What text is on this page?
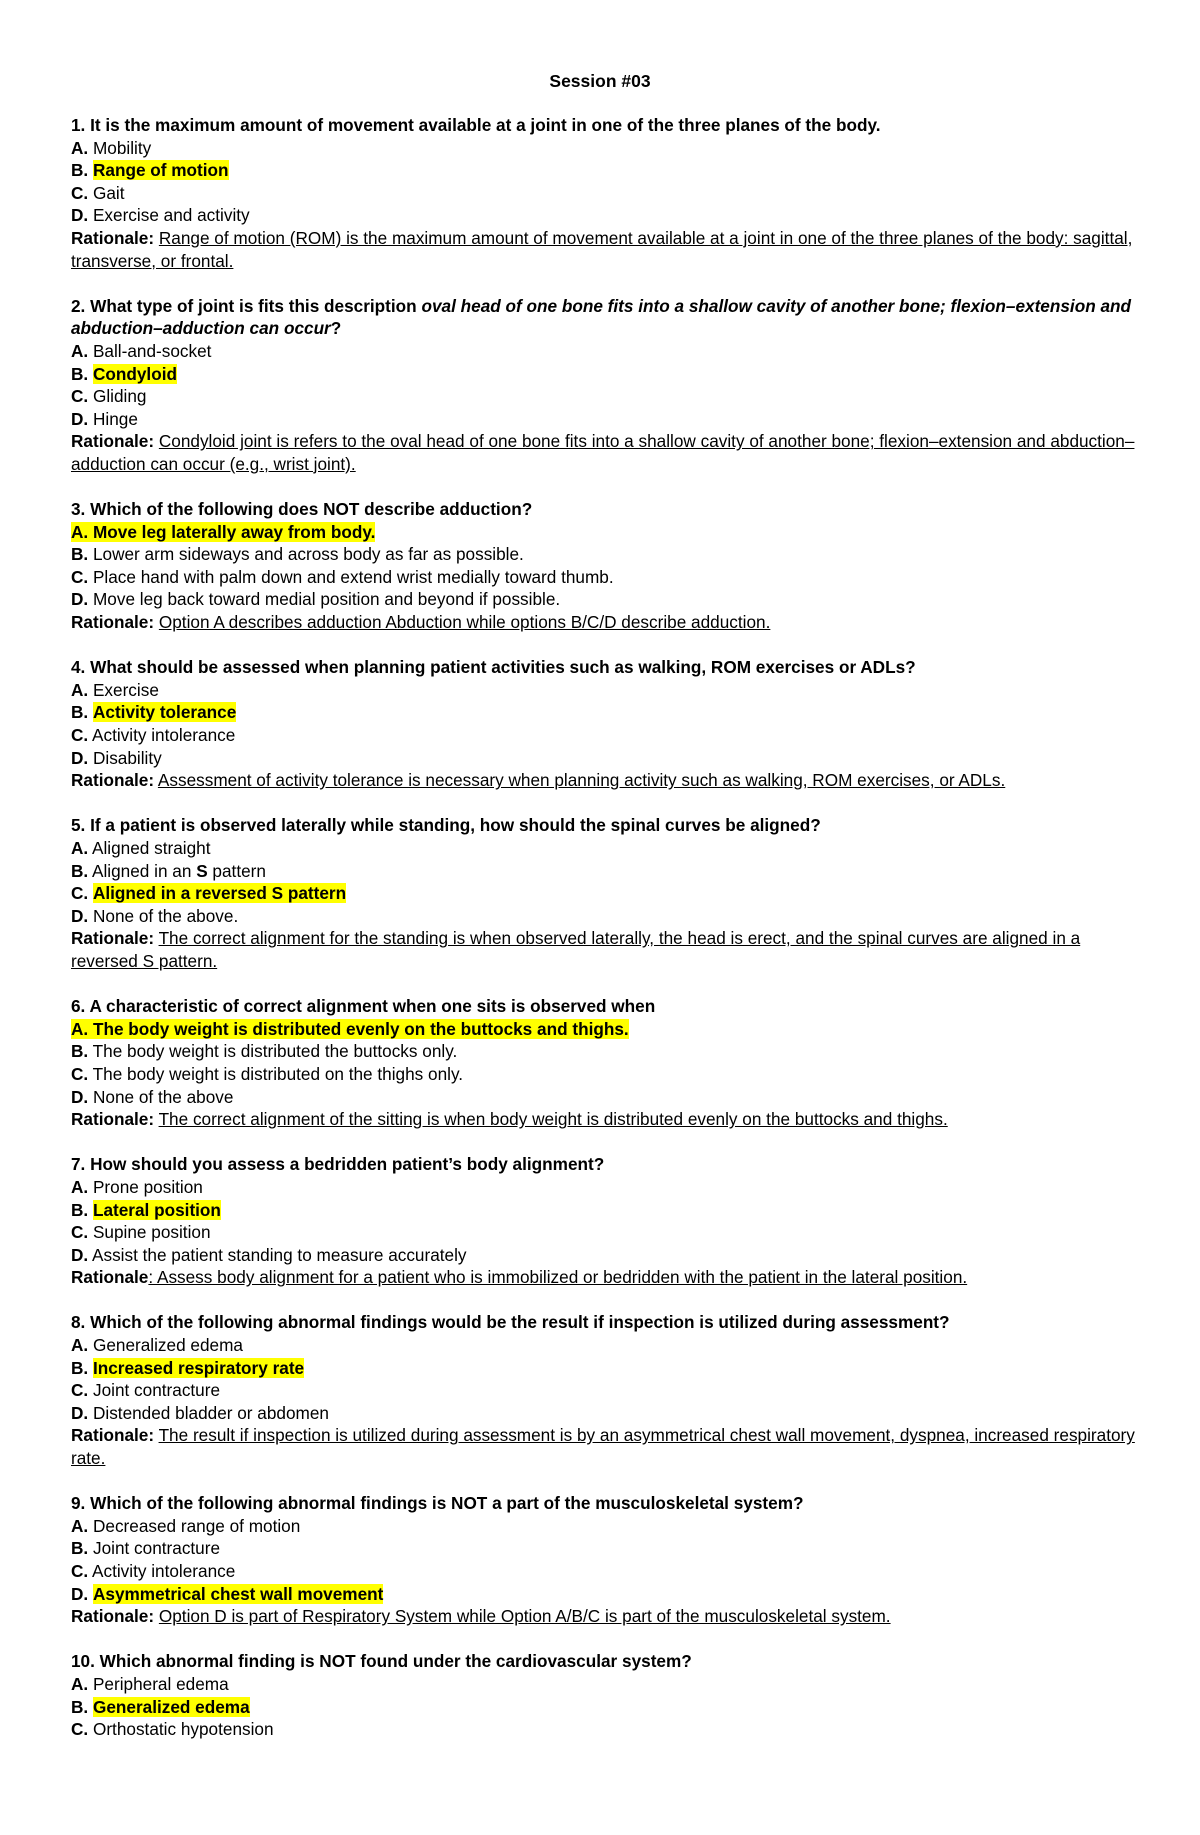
Session #03
1. It is the maximum amount of movement available at a joint in one of the three planes of the body.
A. Mobility
B. Range of motion
C. Gait
D. Exercise and activity
Rationale: Range of motion (ROM) is the maximum amount of movement available at a joint in one of the three planes of the body: sagittal, transverse, or frontal.
2. What type of joint is fits this description oval head of one bone fits into a shallow cavity of another bone; flexion–extension and abduction–adduction can occur?
A. Ball-and-socket
B. Condyloid
C. Gliding
D. Hinge
Rationale: Condyloid joint is refers to the oval head of one bone fits into a shallow cavity of another bone; flexion–extension and abduction–adduction can occur (e.g., wrist joint).
3. Which of the following does NOT describe adduction?
A. Move leg laterally away from body.
B. Lower arm sideways and across body as far as possible.
C. Place hand with palm down and extend wrist medially toward thumb.
D. Move leg back toward medial position and beyond if possible.
Rationale: Option A describes adduction Abduction while options B/C/D describe adduction.
4. What should be assessed when planning patient activities such as walking, ROM exercises or ADLs?
A. Exercise
B. Activity tolerance
C. Activity intolerance
D. Disability
Rationale: Assessment of activity tolerance is necessary when planning activity such as walking, ROM exercises, or ADLs.
5. If a patient is observed laterally while standing, how should the spinal curves be aligned?
A. Aligned straight
B. Aligned in an S pattern
C. Aligned in a reversed S pattern
D. None of the above.
Rationale: The correct alignment for the standing is when observed laterally, the head is erect, and the spinal curves are aligned in a reversed S pattern.
6. A characteristic of correct alignment when one sits is observed when
A. The body weight is distributed evenly on the buttocks and thighs.
B. The body weight is distributed the buttocks only.
C. The body weight is distributed on the thighs only.
D. None of the above
Rationale: The correct alignment of the sitting is when body weight is distributed evenly on the buttocks and thighs.
7. How should you assess a bedridden patient’s body alignment?
A. Prone position
B. Lateral position
C. Supine position
D. Assist the patient standing to measure accurately
Rationale: Assess body alignment for a patient who is immobilized or bedridden with the patient in the lateral position.
8. Which of the following abnormal findings would be the result if inspection is utilized during assessment?
A. Generalized edema
B. Increased respiratory rate
C. Joint contracture
D. Distended bladder or abdomen
Rationale: The result if inspection is utilized during assessment is by an asymmetrical chest wall movement, dyspnea, increased respiratory rate.
9. Which of the following abnormal findings is NOT a part of the musculoskeletal system?
A. Decreased range of motion
B. Joint contracture
C. Activity intolerance
D. Asymmetrical chest wall movement
Rationale: Option D is part of Respiratory System while Option A/B/C is part of the musculoskeletal system.
10. Which abnormal finding is NOT found under the cardiovascular system?
A. Peripheral edema
B. Generalized edema
C. Orthostatic hypotension
